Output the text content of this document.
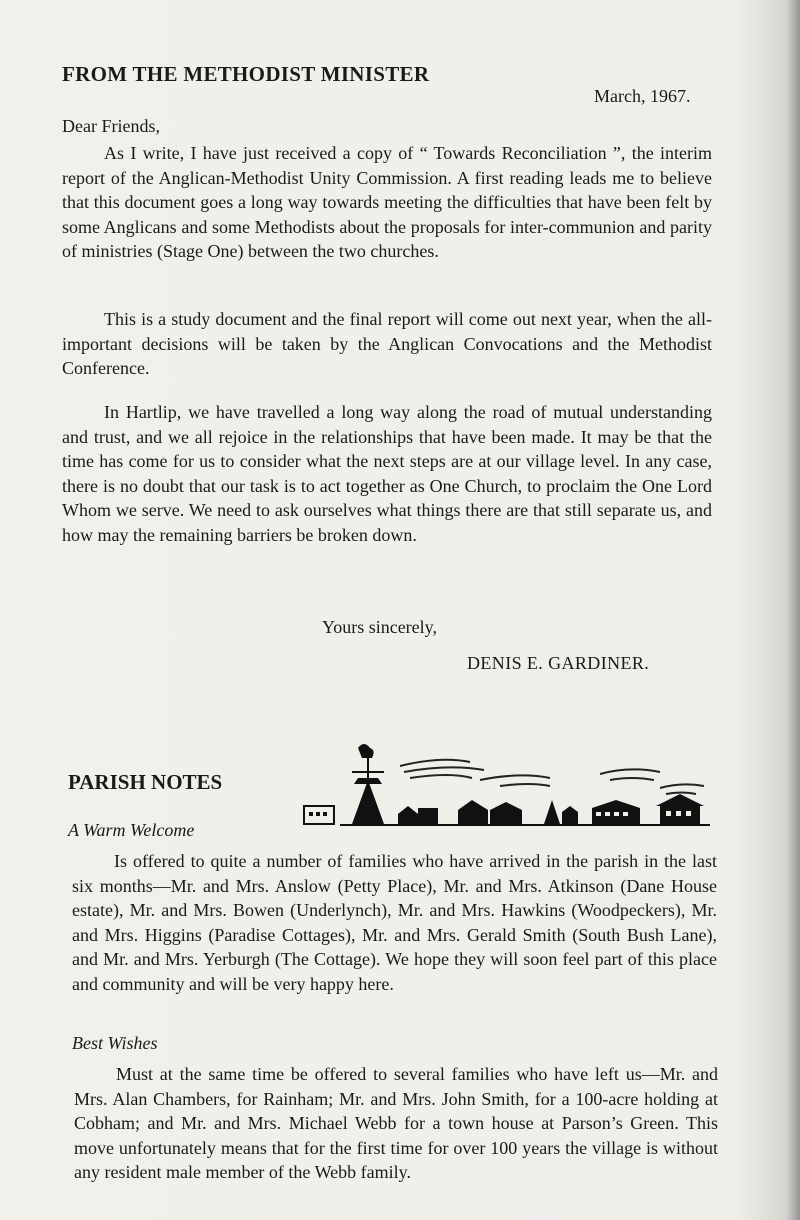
FROM THE METHODIST MINISTER
March, 1967.
Dear Friends,

As I write, I have just received a copy of “ Towards Reconciliation ”, the interim report of the Anglican-Methodist Unity Commission. A first reading leads me to believe that this document goes a long way towards meeting the difficulties that have been felt by some Anglicans and some Methodists about the proposals for inter-communion and parity of ministries (Stage One) between the two churches.

This is a study document and the final report will come out next year, when the all-important decisions will be taken by the Anglican Convocations and the Methodist Conference.

In Hartlip, we have travelled a long way along the road of mutual understanding and trust, and we all rejoice in the relationships that have been made. It may be that the time has come for us to consider what the next steps are at our village level. In any case, there is no doubt that our task is to act together as One Church, to proclaim the One Lord Whom we serve. We need to ask ourselves what things there are that still separate us, and how may the remaining barriers be broken down.

Yours sincerely,
DENIS E. GARDINER.
PARISH NOTES
A Warm Welcome

Is offered to quite a number of families who have arrived in the parish in the last six months—Mr. and Mrs. Anslow (Petty Place), Mr. and Mrs. Atkinson (Dane House estate), Mr. and Mrs. Bowen (Underlynch), Mr. and Mrs. Hawkins (Woodpeckers), Mr. and Mrs. Higgins (Paradise Cottages), Mr. and Mrs. Gerald Smith (South Bush Lane), and Mr. and Mrs. Yerburgh (The Cottage). We hope they will soon feel part of this place and community and will be very happy here.

Best Wishes

Must at the same time be offered to several families who have left us—Mr. and Mrs. Alan Chambers, for Rainham; Mr. and Mrs. John Smith, for a 100-acre holding at Cobham; and Mr. and Mrs. Michael Webb for a town house at Parson’s Green. This move unfortunately means that for the first time for over 100 years the village is without any resident male member of the Webb family.
